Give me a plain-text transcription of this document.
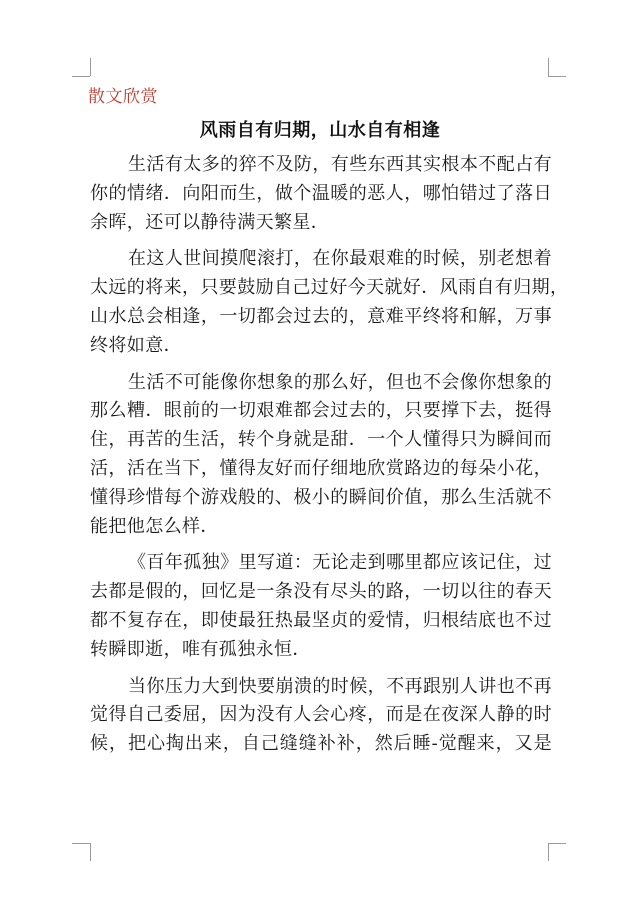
散文欣赏
风雨自有归期，山水自有相逢

生活有太多的猝不及防，有些东西其实根本不配占有
你的情绪．向阳而生，做个温暖的恶人，哪怕错过了落日
余晖，还可以静待满天繁星．

在这人世间摸爬滚打，在你最艰难的时候，别老想着
太远的将来，只要鼓励自己过好今天就好．风雨自有归期，
山水总会相逢，一切都会过去的，意难平终将和解，万事
终将如意．

生活不可能像你想象的那么好，但也不会像你想象的
那么糟．眼前的一切艰难都会过去的，只要撑下去，挺得
住，再苦的生活，转个身就是甜．一个人懂得只为瞬间而
活，活在当下，懂得友好而仔细地欣赏路边的每朵小花，
懂得珍惜每个游戏般的、极小的瞬间价值，那么生活就不
能把他怎么样．

《百年孤独》里写道：无论走到哪里都应该记住，过
去都是假的，回忆是一条没有尽头的路，一切以往的春天
都不复存在，即使最狂热最坚贞的爱情，归根结底也不过
转瞬即逝，唯有孤独永恒．

当你压力大到快要崩溃的时候，不再跟别人讲也不再
觉得自己委屈，因为没有人会心疼，而是在夜深人静的时
候，把心掏出来，自己缝缝补补，然后睡-觉醒来，又是
